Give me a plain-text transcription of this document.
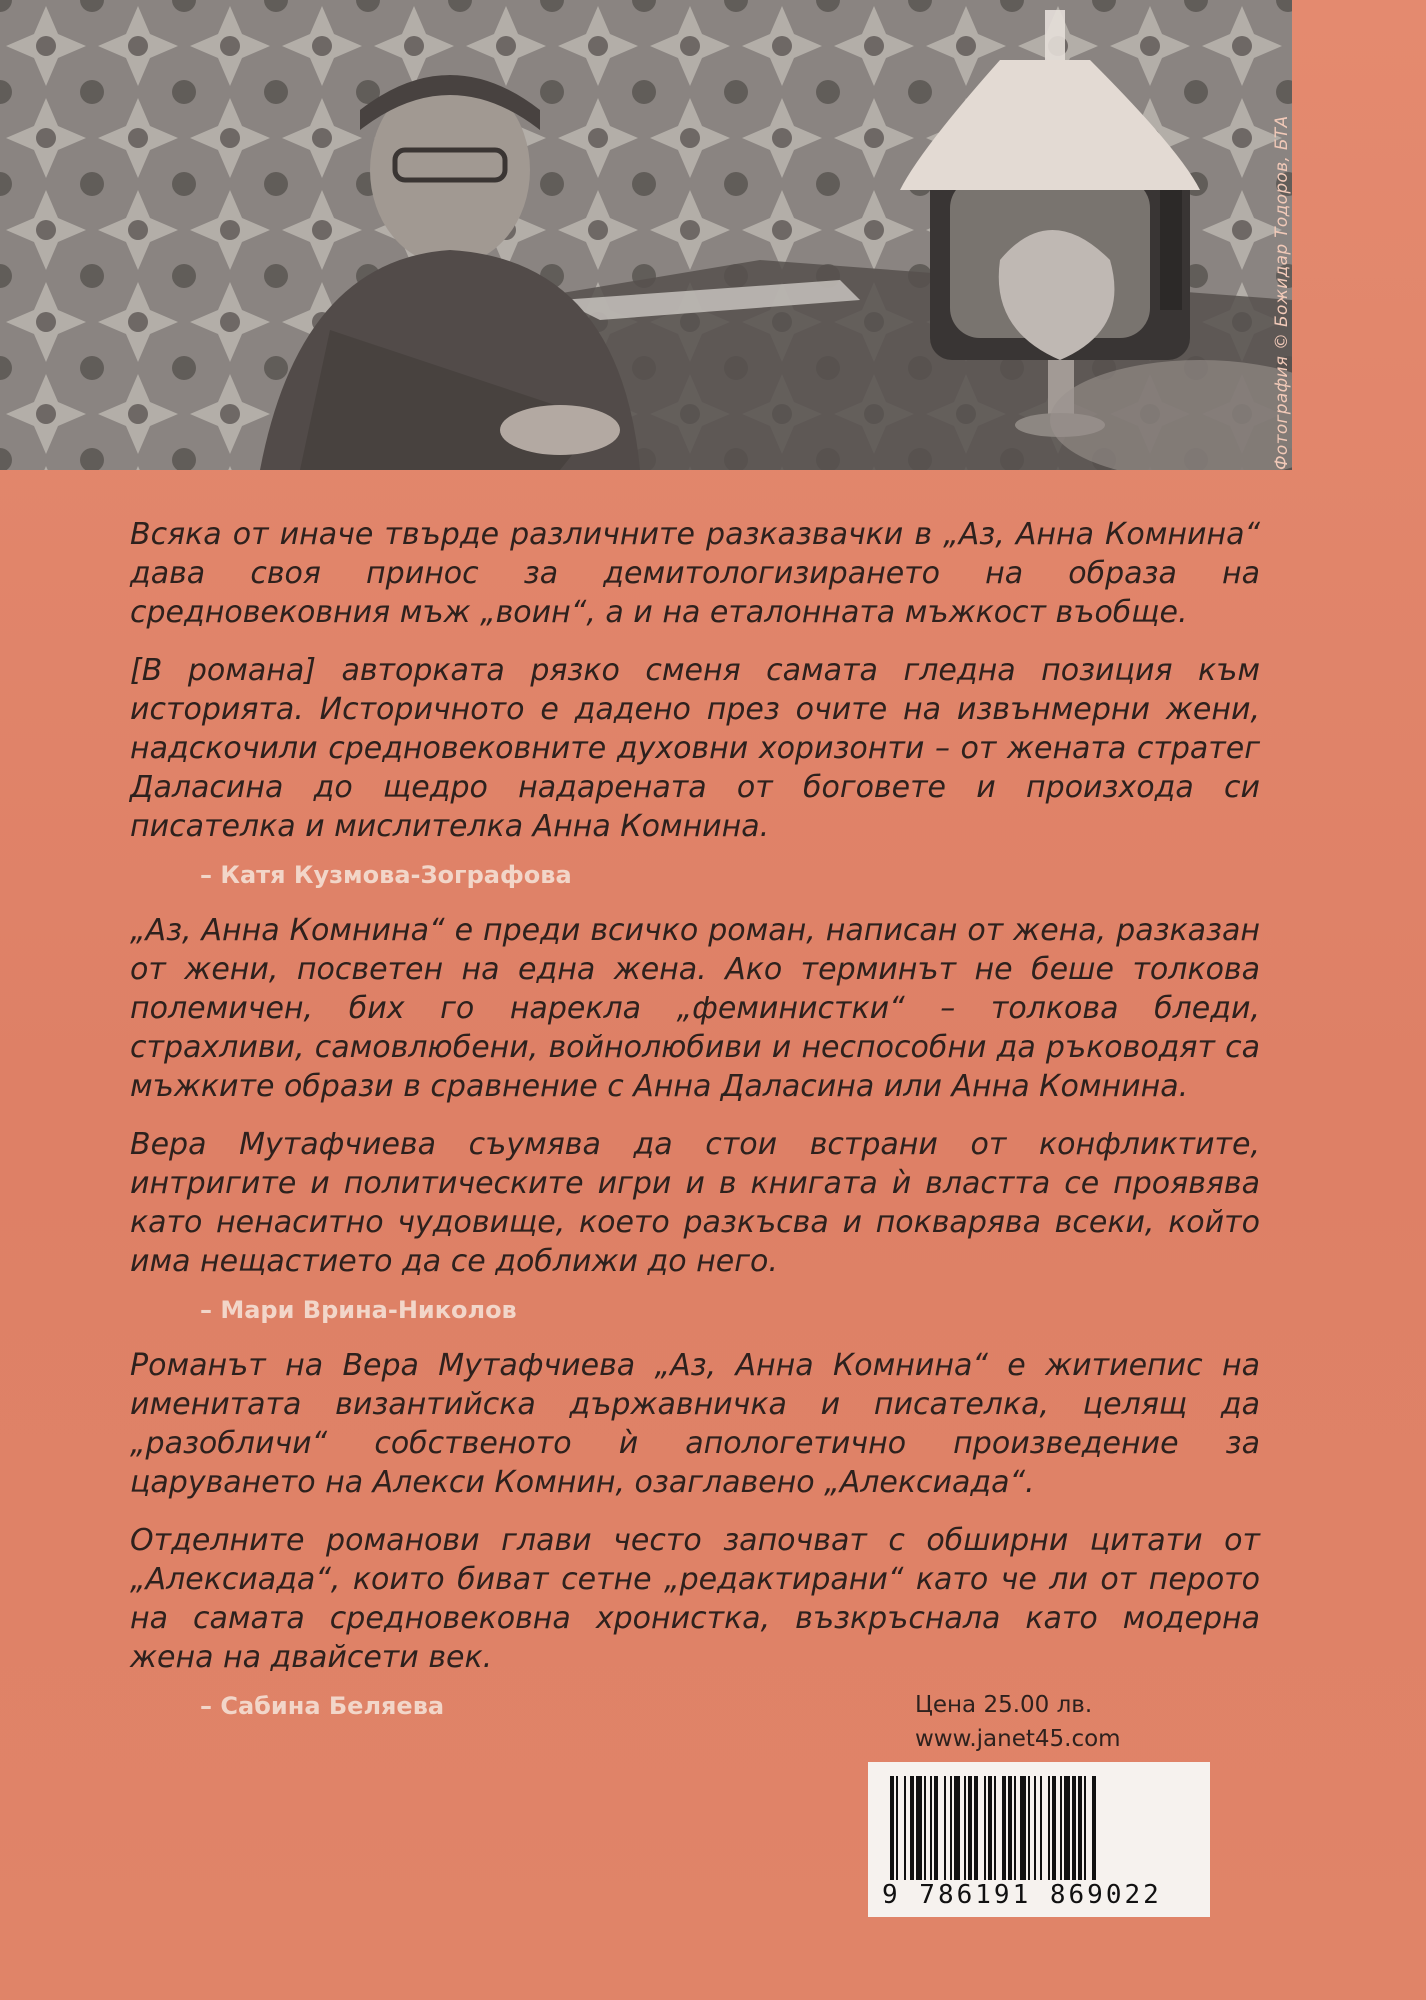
Фотография © Божидар Тодоров, БТА

Всяка от иначе твърде различните разказвачки в „Аз, Анна Комнина“ дава своя принос за демитологизирането на образа на средновековния мъж „воин“, а и на еталонната мъжкост въобще.

[В романа] авторката рязко сменя самата гледна позиция към историята. Историчното е дадено през очите на извънмерни жени, надскочили средновековните духовни хоризонти – от жената стратег Даласина до щедро надарената от боговете и произхода си писателка и мислителка Анна Комнина.

– Катя Кузмова-Зографова

„Аз, Анна Комнина“ е преди всичко роман, написан от жена, разказан от жени, посветен на една жена. Ако терминът не беше толкова полемичен, бих го нарекла „феминистки“ – толкова бледи, страхливи, самовлюбени, войнолюбиви и неспособни да ръководят са мъжките образи в сравнение с Анна Даласина или Анна Комнина.

Вера Мутафчиева съумява да стои встрани от конфликтите, интригите и политическите игри и в книгата ѝ властта се проявява като ненаситно чудовище, което разкъсва и покварява всеки, който има нещастието да се доближи до него.

– Мари Врина-Николов

Романът на Вера Мутафчиева „Аз, Анна Комнина“ е житиепис на именитата византийска държавничка и писателка, целящ да „разобличи“ собственото ѝ апологетично произведение за царуването на Алекси Комнин, озаглавено „Алексиада“.

Отделните романови глави често започват с обширни цитати от „Алексиада“, които биват сетне „редактирани“ като че ли от перото на самата средновековна хронистка, възкръснала като модерна жена на двайсети век.

– Сабина Беляева	Цена 25.00 лв.
www.janet45.com
9 786191 869022
